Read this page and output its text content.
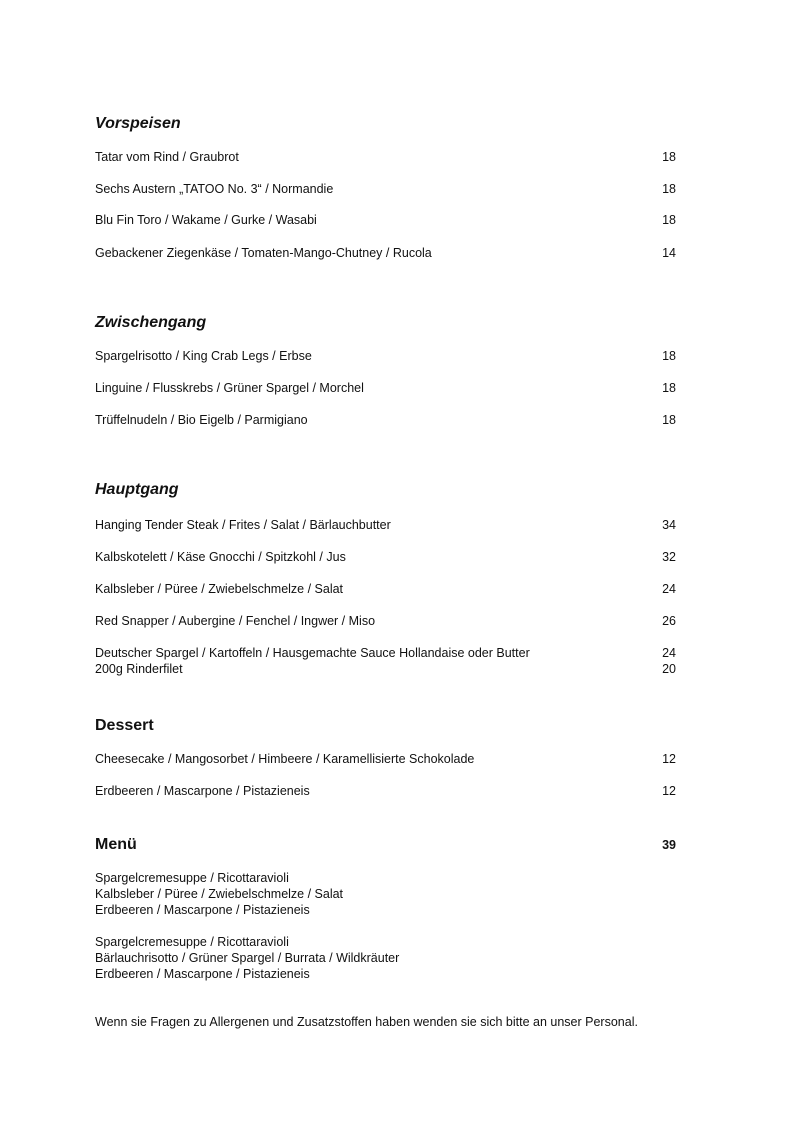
Vorspeisen
Tatar vom Rind / Graubrot	18
Sechs Austern „TATOO No. 3“ / Normandie	18
Blu Fin Toro / Wakame / Gurke / Wasabi	18
Gebackener Ziegenkäse / Tomaten-Mango-Chutney / Rucola	14
Zwischengang
Spargelrisotto / King Crab Legs / Erbse	18
Linguine / Flusskrebs / Grüner Spargel / Morchel	18
Trüffelnudeln / Bio Eigelb / Parmigiano	18
Hauptgang
Hanging Tender Steak / Frites / Salat / Bärlauchbutter	34
Kalbskotelett / Käse Gnocchi / Spitzkohl / Jus	32
Kalbsleber / Püree / Zwiebelschmelze / Salat	24
Red Snapper / Aubergine / Fenchel / Ingwer / Miso	26
Deutscher Spargel / Kartoffeln / Hausgemachte Sauce Hollandaise oder Butter	24
200g Rinderfilet	20
Dessert
Cheesecake / Mangosorbet / Himbeere / Karamellisierte Schokolade	12
Erdbeeren / Mascarpone / Pistazieneis	12
Menü	39
Spargelcremesuppe / Ricottaravioli
Kalbsleber / Püree / Zwiebelschmelze / Salat
Erdbeeren / Mascarpone / Pistazieneis
Spargelcremesuppe / Ricottaravioli
Bärlauchrisotto / Grüner Spargel / Burrata / Wildkräuter
Erdbeeren / Mascarpone / Pistazieneis
Wenn sie Fragen zu Allergenen und Zusatzstoffen haben wenden sie sich bitte an unser Personal.
